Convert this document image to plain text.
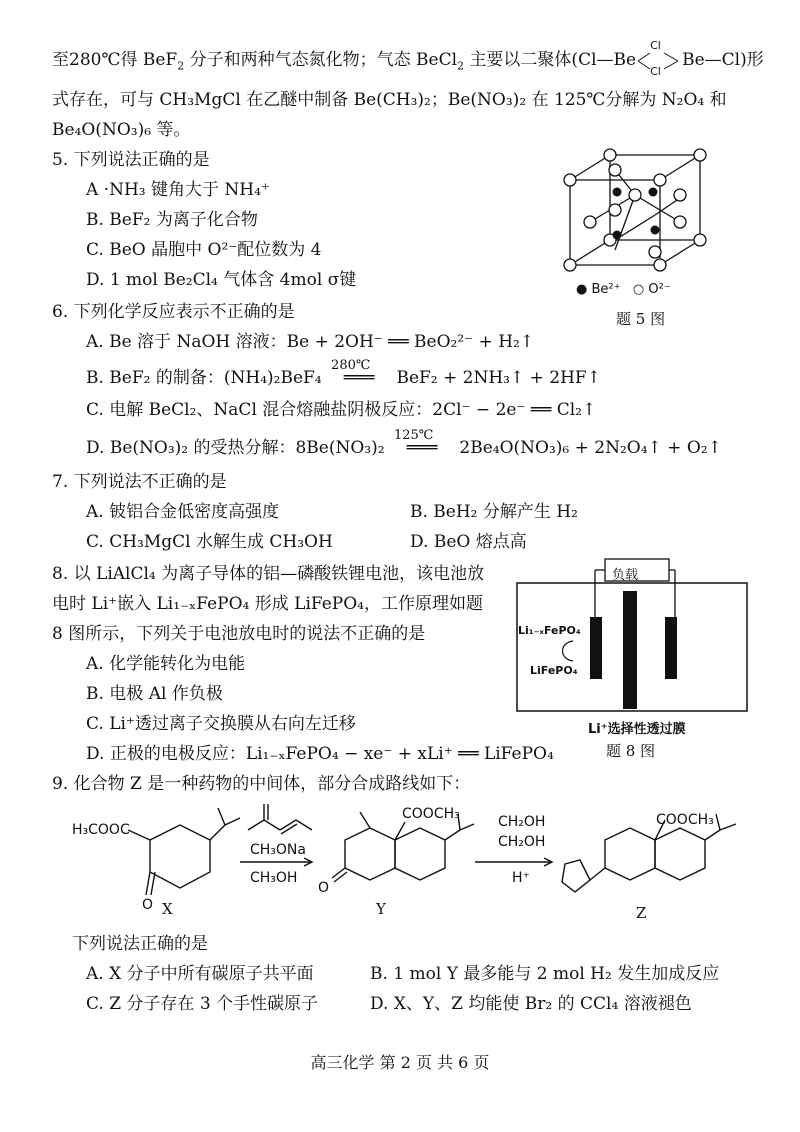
至280℃得 BeF$_2$ 分子和两种气态氮化物；气态 BeCl$_2$ 主要以二聚体(Cl—Be
Cl
Cl
Be—Cl)形
式存在，可与 CH₃MgCl 在乙醚中制备 Be(CH₃)₂；Be(NO₃)₂ 在 125℃分解为 N₂O₄ 和
Be₄O(NO₃)₆ 等。
5. 下列说法正确的是
A ·NH₃ 键角大于 NH₄⁺
B. BeF₂ 为离子化合物
C. BeO 晶胞中 O²⁻配位数为 4
D. 1 mol Be₂Cl₄ 气体含 4mol σ键	● Be²⁺ ○ O²⁻
题 5 图
6. 下列化学反应表示不正确的是
A. Be 溶于 NaOH 溶液：Be + 2OH⁻ ══ BeO₂²⁻ + H₂↑
B. BeF₂ 的制备：(NH₄)₂BeF₄
280℃
═══ BeF₂ + 2NH₃↑ + 2HF↑
C. 电解 BeCl₂、NaCl 混合熔融盐阴极反应：2Cl⁻ − 2e⁻ ══ Cl₂↑
D. Be(NO₃)₂ 的受热分解：8Be(NO₃)₂
125℃
═══ 2Be₄O(NO₃)₆ + 2N₂O₄↑ + O₂↑
7. 下列说法不正确的是
A. 铍铝合金低密度高强度	B. BeH₂ 分解产生 H₂
C. CH₃MgCl 水解生成 CH₃OH	D. BeO 熔点高
8. 以 LiAlCl₄ 为离子导体的铝—磷酸铁锂电池，该电池放
电时 Li⁺嵌入 Li₁₋ₓFePO₄ 形成 LiFePO₄，工作原理如题
8 图所示，下列关于电池放电时的说法不正确的是
A. 化学能转化为电能
B. 电极 Al 作负极
C. Li⁺透过离子交换膜从右向左迁移
D. 正极的电极反应：Li₁₋ₓFePO₄ − xe⁻ + xLi⁺ ══ LiFePO₄
负载
Li₁₋ₓFePO₄
LiFePO₄
Li⁺选择性透过膜
题 8 图
9. 化合物 Z 是一种药物的中间体，部分合成路线如下：
H₃COOC
O X
CH₃ONa
CH₃OH
COOCH₃
O
Y
CH₂OH
CH₂OH
H⁺
COOCH₃
Z
下列说法正确的是
A. X 分子中所有碳原子共平面	B. 1 mol Y 最多能与 2 mol H₂ 发生加成反应
C. Z 分子存在 3 个手性碳原子	D. X、Y、Z 均能使 Br₂ 的 CCl₄ 溶液褪色
高三化学 第 2 页 共 6 页
